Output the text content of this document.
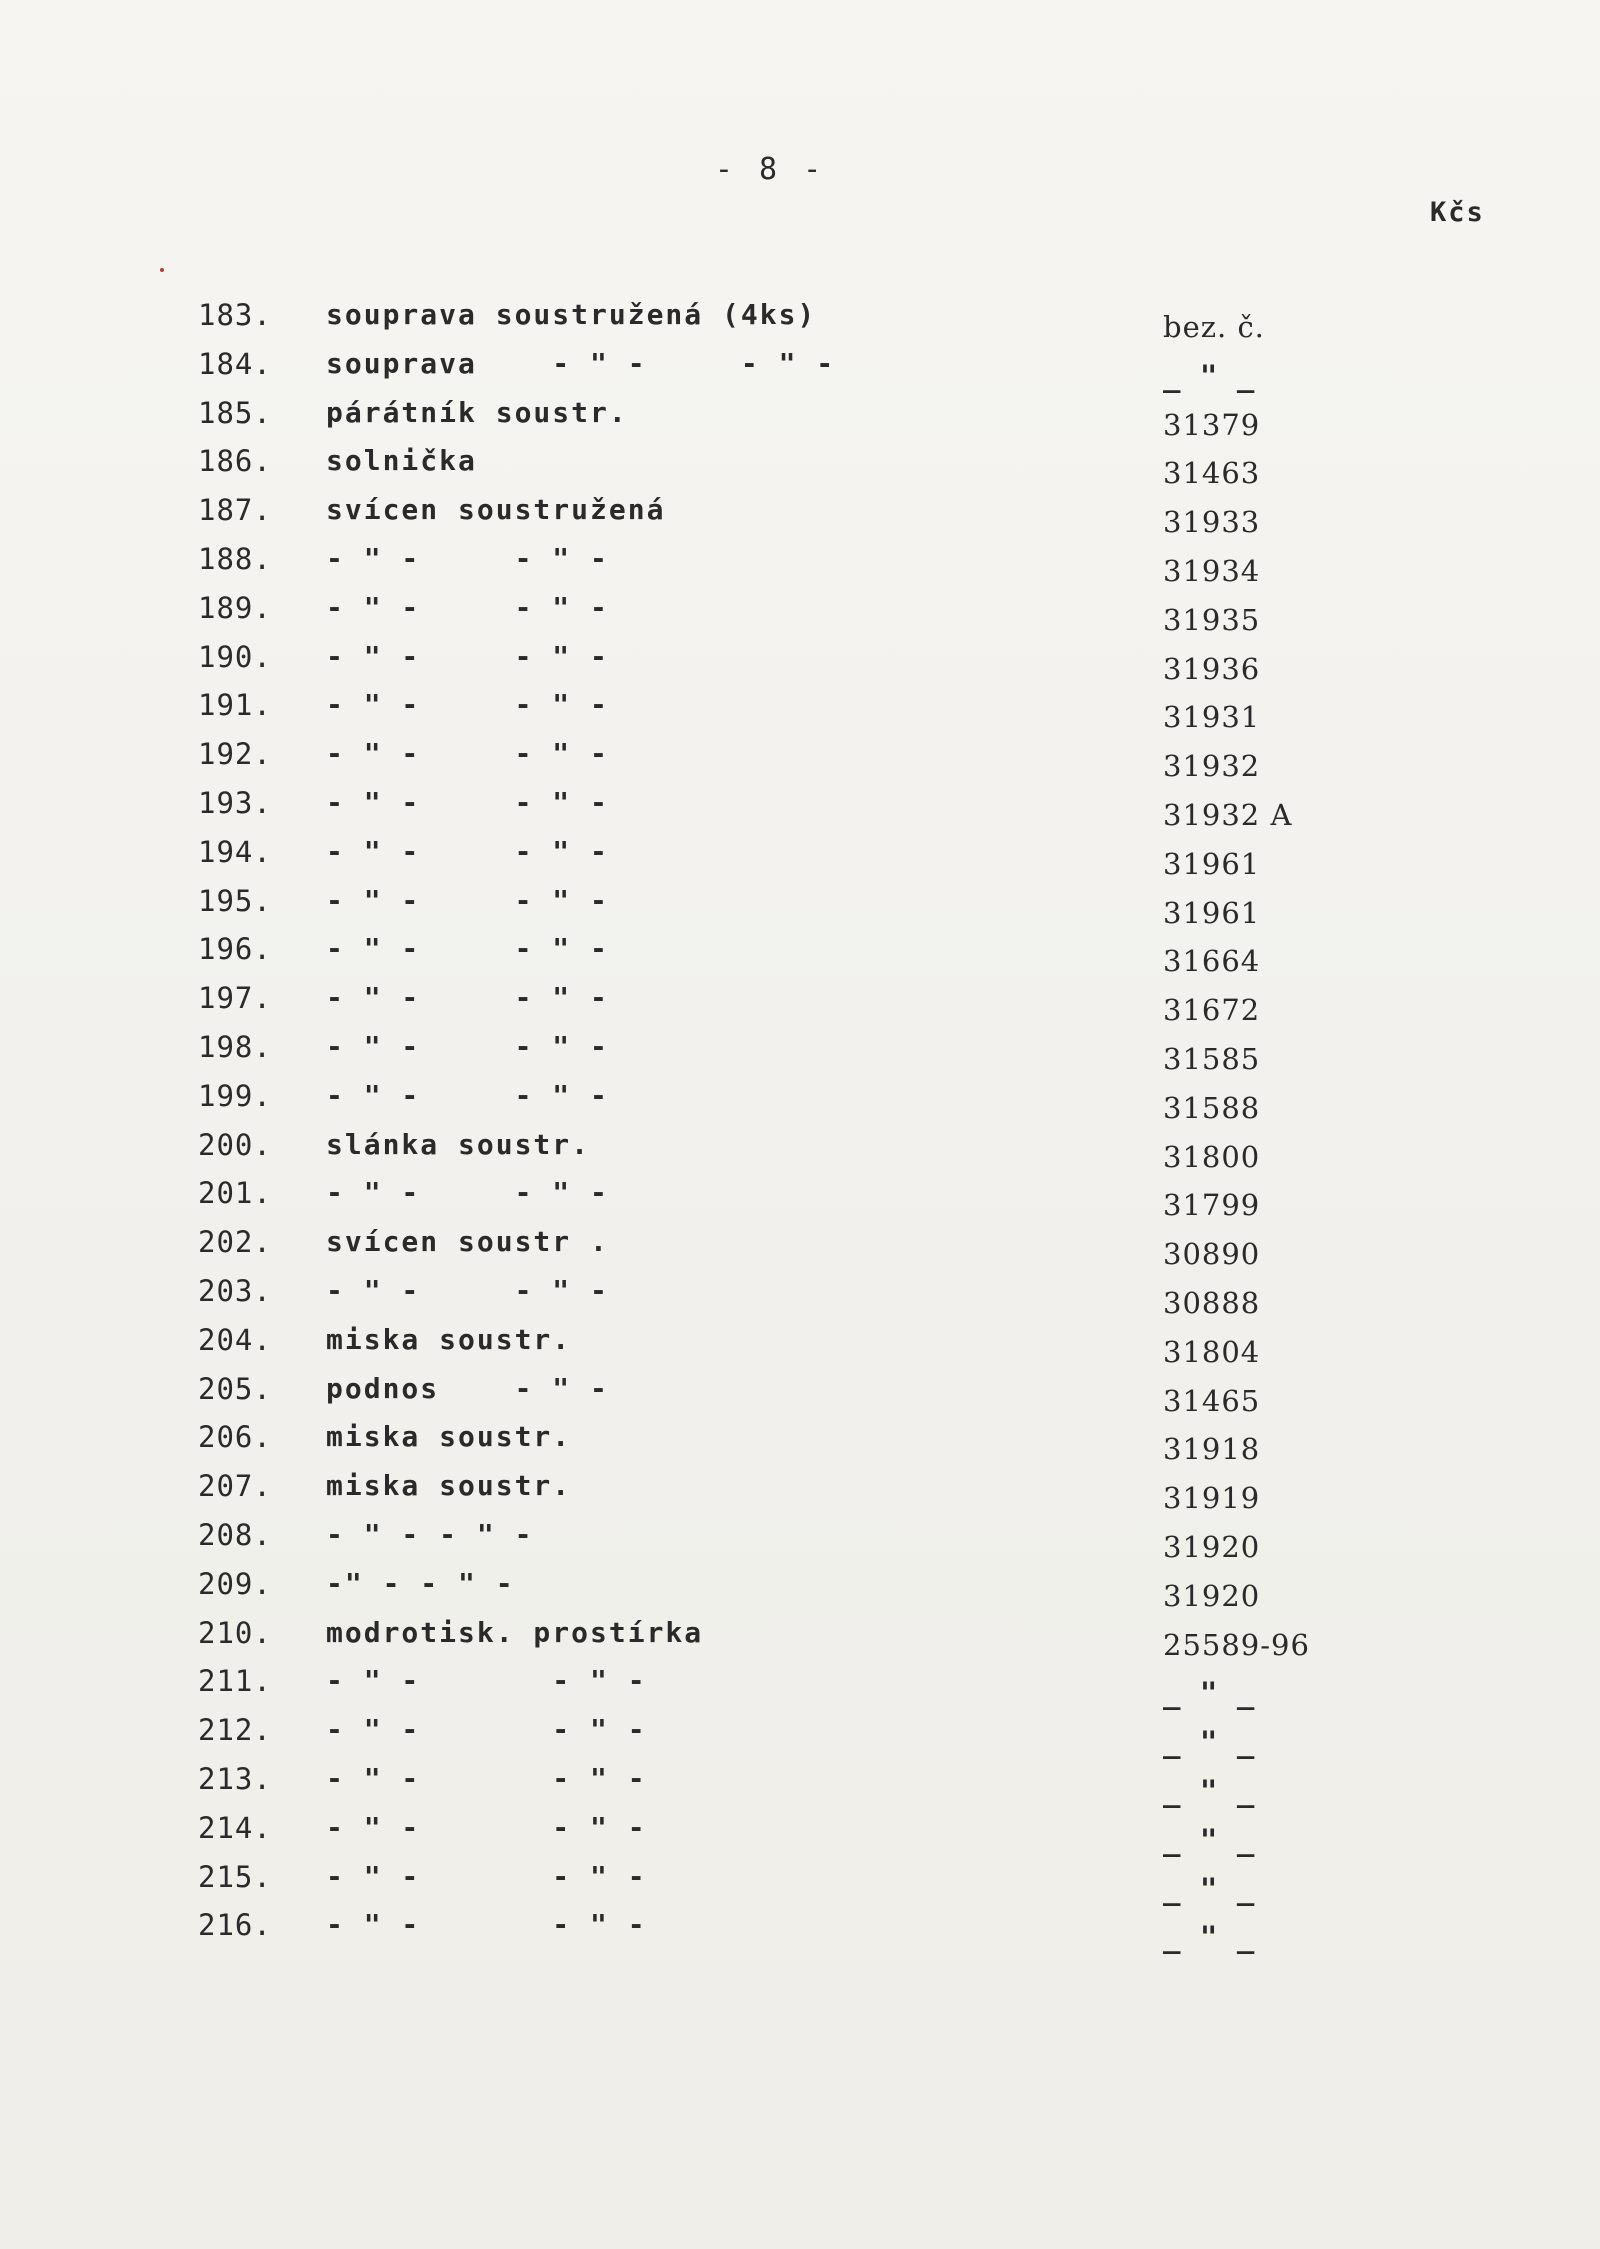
- 8 -
Kčs
183. souprava soustružená (4ks)	bez. č.
184. souprava    - " -     - " -	_ " _
185. párátník soustr.	31379
186. solnička	31463
187. svícen soustružená	31933
188. - " -     - " -	31934
189. - " -     - " -	31935
190. - " -     - " -	31936
191. - " -     - " -	31931
192. - " -     - " -	31932
193. - " -     - " -	31932 A
194. - " -     - " -	31961
195. - " -     - " -	31961
196. - " -     - " -	31664
197. - " -     - " -	31672
198. - " -     - " -	31585
199. - " -     - " -	31588
200. slánka soustr.	31800
201. - " -     - " -	31799
202. svícen soustr .	30890
203. - " -     - " -	30888
204. miska soustr.	31804
205. podnos    - " -	31465
206. miska soustr.	31918
207. miska soustr.	31919
208. - " - - " -	31920
209. -" - - " -	31920
210. modrotisk. prostírka	25589-96
211. - " -       - " -	_ " _
212. - " -       - " -	_ " _
213. - " -       - " -	_ " _
214. - " -       - " -	_ " _
215. - " -       - " -	_ " _
216. - " -       - " -	_ " _
